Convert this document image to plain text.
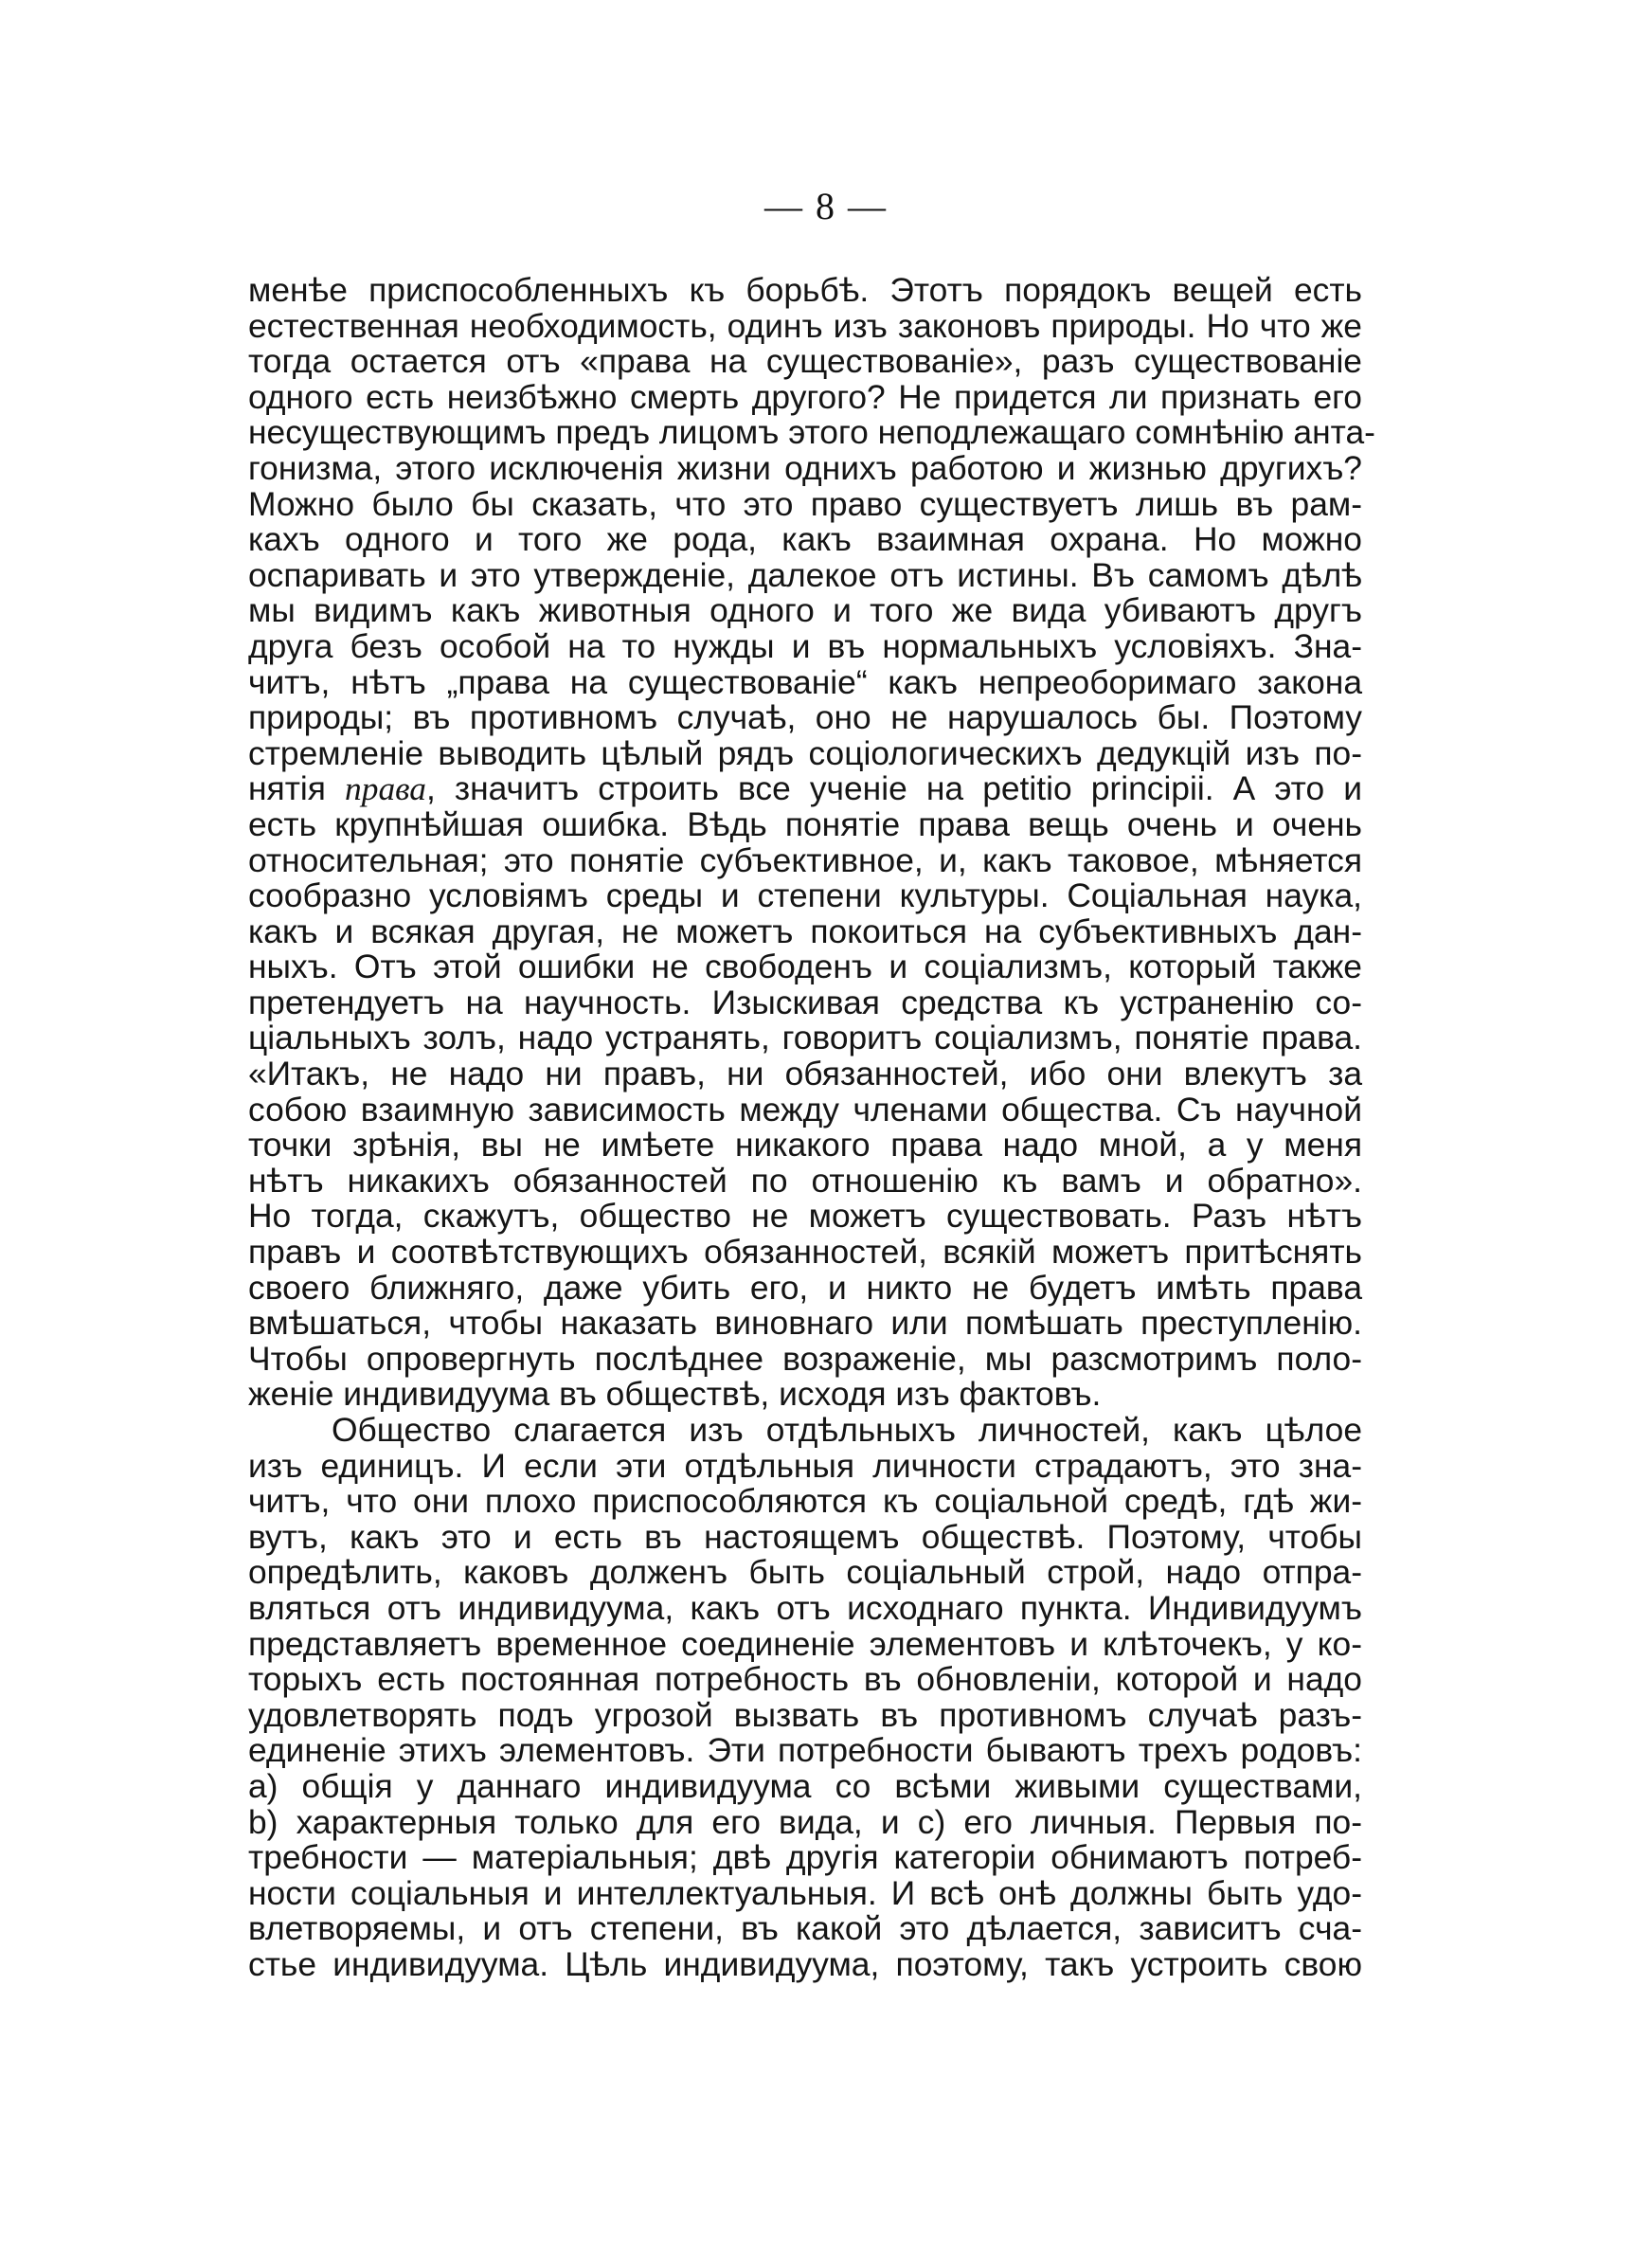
— 8 —
менѣе приспособленныхъ къ борьбѣ. Этотъ порядокъ вещей есть
естественная необходимость, одинъ изъ законовъ природы. Но что же
тогда остается отъ «права на существованіе», разъ существованіе
одного есть неизбѣжно смерть другого? Не придется ли признать его
несуществующимъ предъ лицомъ этого неподлежащаго сомнѣнію анта-
гонизма, этого исключенія жизни однихъ работою и жизнью другихъ?
Можно было бы сказать, что это право существуетъ лишь въ рам-
кахъ одного и того же рода, какъ взаимная охрана. Но можно
оспаривать и это утвержденіе, далекое отъ истины. Въ самомъ дѣлѣ
мы видимъ какъ животныя одного и того же вида убиваютъ другъ
друга безъ особой на то нужды и въ нормальныхъ условіяхъ. Зна-
читъ, нѣтъ „права на существованіе“ какъ непреоборимаго закона
природы; въ противномъ случаѣ, оно не нарушалось бы. Поэтому
стремленіе выводить цѣлый рядъ соціологическихъ дедукцій изъ по-
нятія права, значитъ строить все ученіе на petitio principii. А это и
есть крупнѣйшая ошибка. Вѣдь понятіе права вещь очень и очень
относительная; это понятіе субъективное, и, какъ таковое, мѣняется
сообразно условіямъ среды и степени культуры. Соціальная наука,
какъ и всякая другая, не можетъ покоиться на субъективныхъ дан-
ныхъ. Отъ этой ошибки не свободенъ и соціализмъ, который также
претендуетъ на научность. Изыскивая средства къ устраненію со-
ціальныхъ золъ, надо устранять, говоритъ соціализмъ, понятіе права.
«Итакъ, не надо ни правъ, ни обязанностей, ибо они влекутъ за
собою взаимную зависимость между членами общества. Съ научной
точки зрѣнія, вы не имѣете никакого права надо мной, а у меня
нѣтъ никакихъ обязанностей по отношенію къ вамъ и обратно».
Но тогда, скажутъ, общество не можетъ существовать. Разъ нѣтъ
правъ и соотвѣтствующихъ обязанностей, всякій можетъ притѣснять
своего ближняго, даже убить его, и никто не будетъ имѣть права
вмѣшаться, чтобы наказать виновнаго или помѣшать преступленію.
Чтобы опровергнуть послѣднее возраженіе, мы разсмотримъ поло-
женіе индивидуума въ обществѣ, исходя изъ фактовъ.
Общество слагается изъ отдѣльныхъ личностей, какъ цѣлое
изъ единицъ. И если эти отдѣльныя личности страдаютъ, это зна-
читъ, что они плохо приспособляются къ соціальной средѣ, гдѣ жи-
вутъ, какъ это и есть въ настоящемъ обществѣ. Поэтому, чтобы
опредѣлить, каковъ долженъ быть соціальный строй, надо отпра-
вляться отъ индивидуума, какъ отъ исходнаго пункта. Индивидуумъ
представляетъ временное соединеніе элементовъ и клѣточекъ, у ко-
торыхъ есть постоянная потребность въ обновленіи, которой и надо
удовлетворять подъ угрозой вызвать въ противномъ случаѣ разъ-
единеніе этихъ элементовъ. Эти потребности бываютъ трехъ родовъ:
a) общія у даннаго индивидуума со всѣми живыми существами,
b) характерныя только для его вида, и c) его личныя. Первыя по-
требности — матеріальныя; двѣ другія категоріи обнимаютъ потреб-
ности соціальныя и интеллектуальныя. И всѣ онѣ должны быть удо-
влетворяемы, и отъ степени, въ какой это дѣлается, зависитъ сча-
стье индивидуума. Цѣль индивидуума, поэтому, такъ устроить свою
